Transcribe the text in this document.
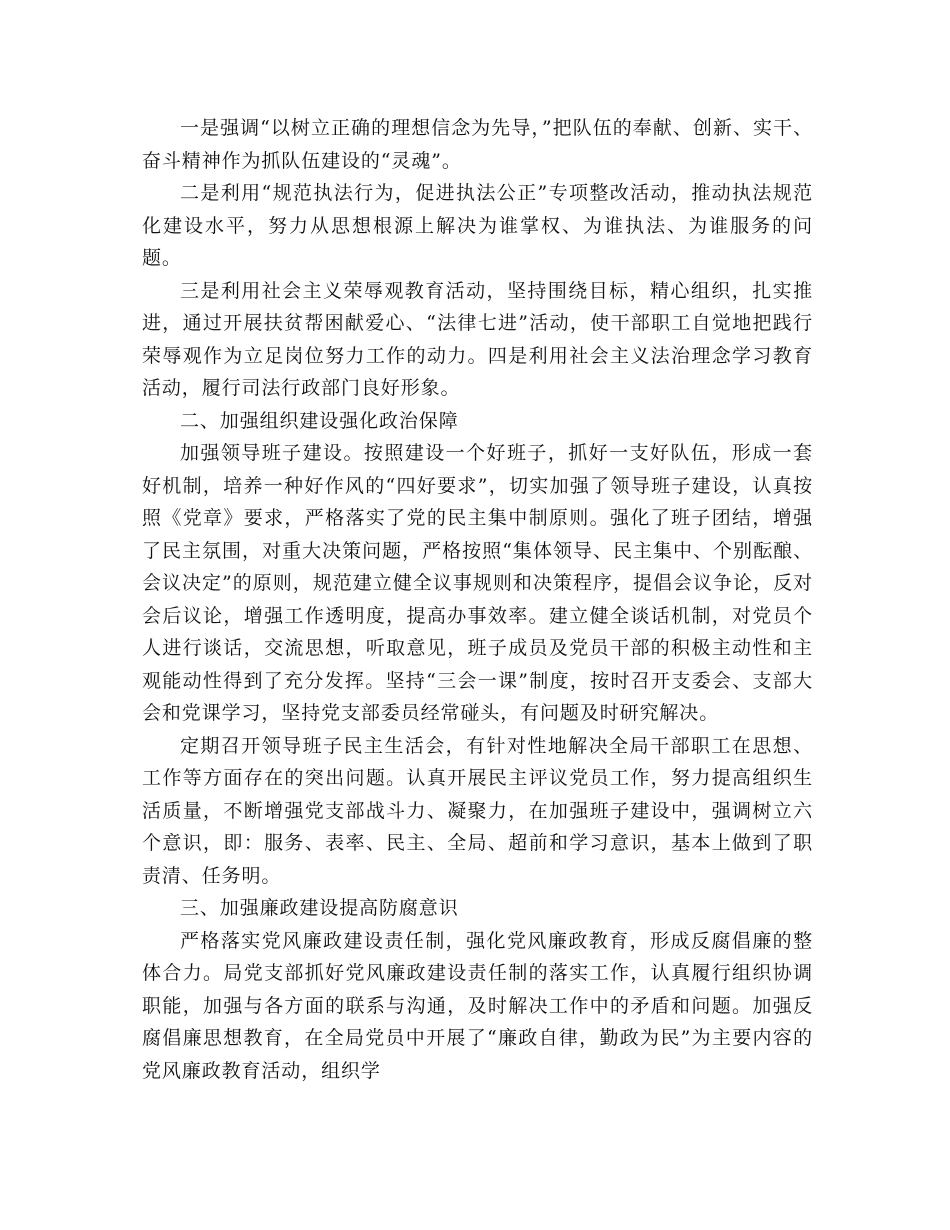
一是强调“以树立正确的理想信念为先导，”把队伍的奉献、创新、实干、奋斗精神作为抓队伍建设的“灵魂”。

二是利用“规范执法行为，促进执法公正”专项整改活动，推动执法规范化建设水平，努力从思想根源上解决为谁掌权、为谁执法、为谁服务的问题。

三是利用社会主义荣辱观教育活动，坚持围绕目标，精心组织，扎实推进，通过开展扶贫帮困献爱心、“法律七进”活动，使干部职工自觉地把践行荣辱观作为立足岗位努力工作的动力。四是利用社会主义法治理念学习教育活动，履行司法行政部门良好形象。

二、加强组织建设强化政治保障

加强领导班子建设。按照建设一个好班子，抓好一支好队伍，形成一套好机制，培养一种好作风的“四好要求”，切实加强了领导班子建设，认真按照《党章》要求，严格落实了党的民主集中制原则。强化了班子团结，增强了民主氛围，对重大决策问题，严格按照“集体领导、民主集中、个别酝酿、会议决定”的原则，规范建立健全议事规则和决策程序，提倡会议争论，反对会后议论，增强工作透明度，提高办事效率。建立健全谈话机制，对党员个人进行谈话，交流思想，听取意见，班子成员及党员干部的积极主动性和主观能动性得到了充分发挥。坚持“三会一课”制度，按时召开支委会、支部大会和党课学习，坚持党支部委员经常碰头，有问题及时研究解决。

定期召开领导班子民主生活会，有针对性地解决全局干部职工在思想、工作等方面存在的突出问题。认真开展民主评议党员工作，努力提高组织生活质量，不断增强党支部战斗力、凝聚力，在加强班子建设中，强调树立六个意识，即：服务、表率、民主、全局、超前和学习意识，基本上做到了职责清、任务明。

三、加强廉政建设提高防腐意识

严格落实党风廉政建设责任制，强化党风廉政教育，形成反腐倡廉的整体合力。局党支部抓好党风廉政建设责任制的落实工作，认真履行组织协调职能，加强与各方面的联系与沟通，及时解决工作中的矛盾和问题。加强反腐倡廉思想教育，在全局党员中开展了“廉政自律，勤政为民”为主要内容的党风廉政教育活动，组织学
